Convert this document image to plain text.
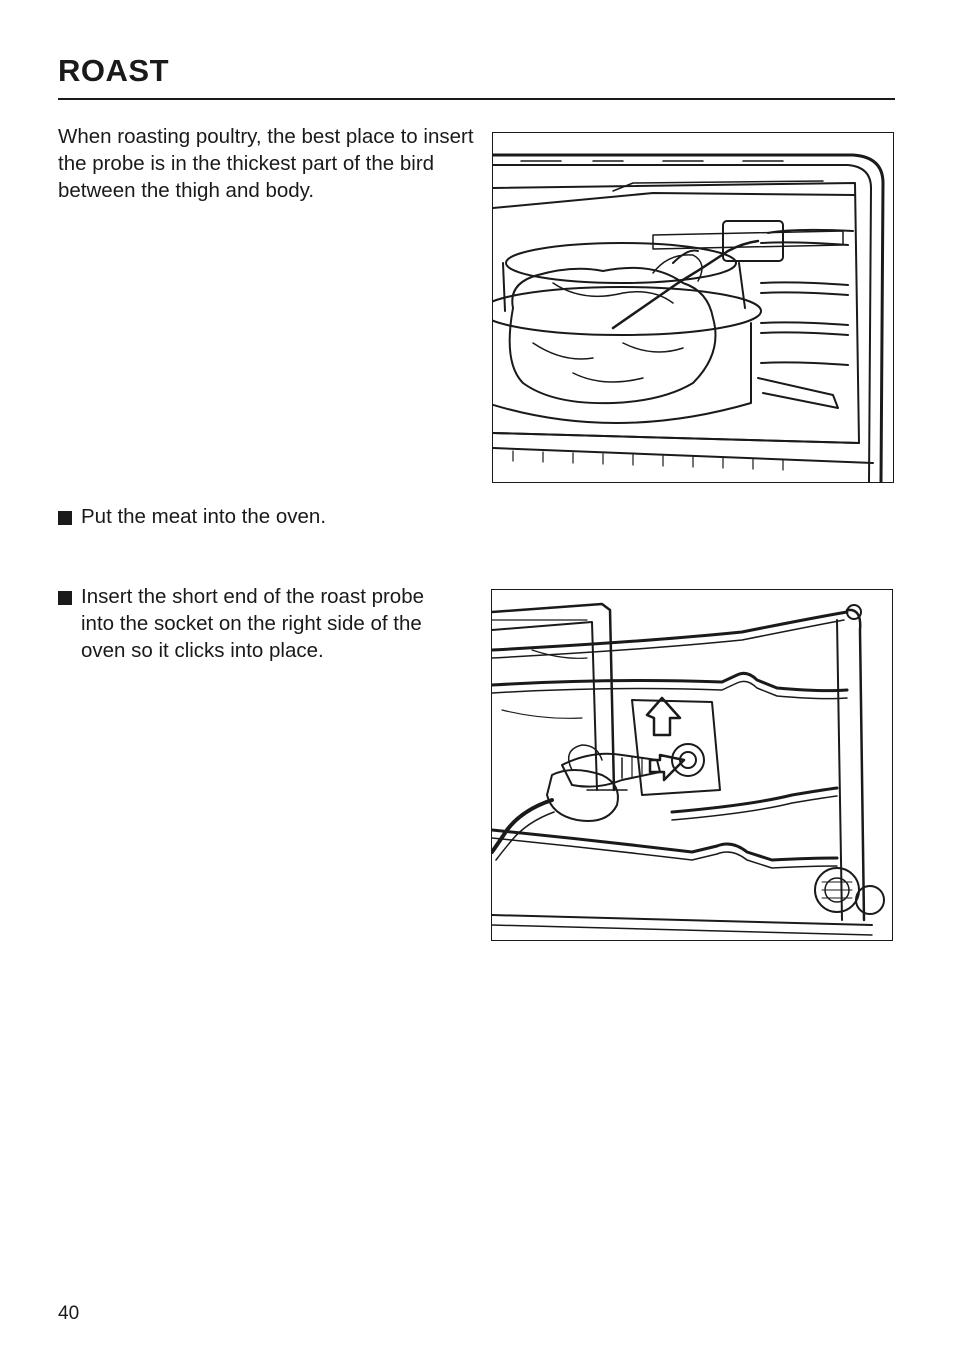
ROAST
When roasting poultry, the best place to insert the probe is in the thickest part of the bird between the thigh and body.
Put the meat into the oven.
Insert the short end of the roast probe into the socket on the right side of the oven so it clicks into place.
40
